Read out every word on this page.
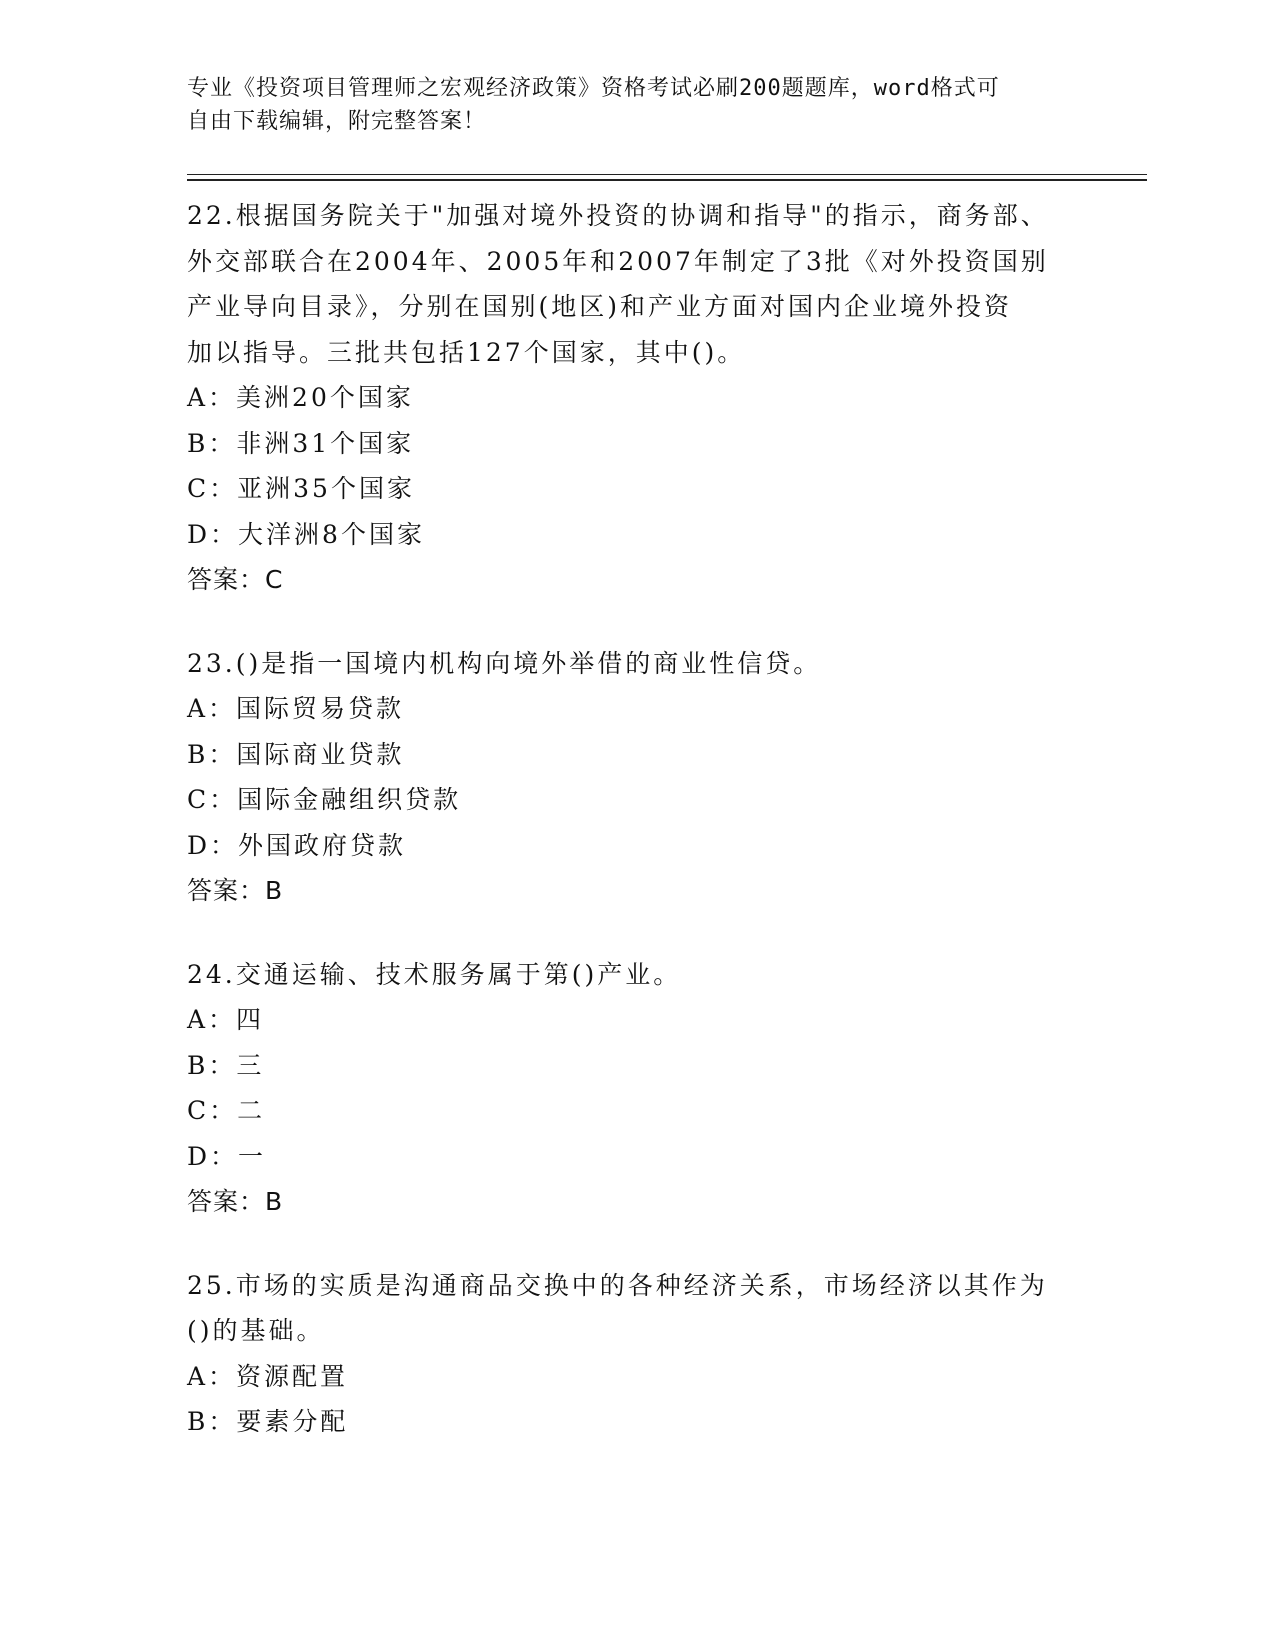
专业《投资项目管理师之宏观经济政策》资格考试必刷200题题库，word格式可

自由下载编辑，附完整答案！

22.根据国务院关于"加强对境外投资的协调和指导"的指示，商务部、

外交部联合在2004年、2005年和2007年制定了3批《对外投资国别

产业导向目录》，分别在国别(地区)和产业方面对国内企业境外投资

加以指导。三批共包括127个国家，其中()。

A：美洲20个国家

B：非洲31个国家

C：亚洲35个国家

D：大洋洲8个国家

答案：C

23.()是指一国境内机构向境外举借的商业性信贷。

A：国际贸易贷款

B：国际商业贷款

C：国际金融组织贷款

D：外国政府贷款

答案：B

24.交通运输、技术服务属于第()产业。

A：四

B：三

C：二

D：一

答案：B

25.市场的实质是沟通商品交换中的各种经济关系，市场经济以其作为

()的基础。

A：资源配置

B：要素分配
